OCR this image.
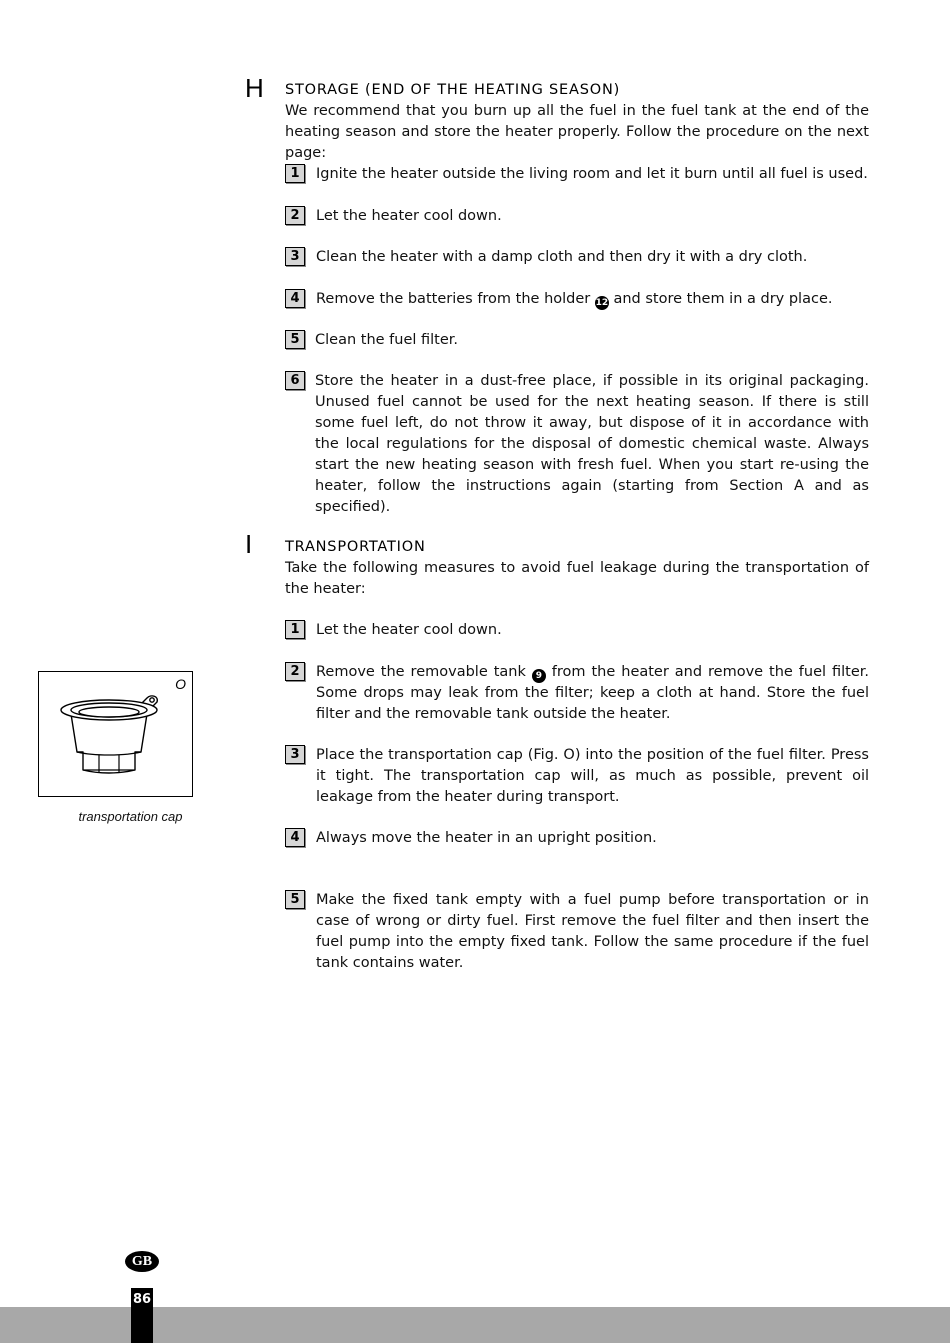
H STORAGE (END OF THE HEATING SEASON)
We recommend that you burn up all the fuel in the fuel tank at the end of the heating season and store the heater properly. Follow the procedure on the next page:
1	Ignite the heater outside the living room and let it burn until all fuel is used.
2	Let the heater cool down.
3	Clean the heater with a damp cloth and then dry it with a dry cloth.
4	Remove the batteries from the holder 12 and store them in a dry place.
5	Clean the fuel filter.
6	Store the heater in a dust-free place, if possible in its original packaging. Unused fuel cannot be used for the next heating season. If there is still some fuel left, do not throw it away, but dispose of it in accordance with the local regulations for the disposal of domestic chemical waste. Always start the new heating season with fresh fuel. When you start re-using the heater, follow the instructions again (starting from Section A and as specified).
I TRANSPORTATION
Take the following measures to avoid fuel leakage during the transportation of the heater:
1	Let the heater cool down.
2	Remove the removable tank 9 from the heater and remove the fuel filter. Some drops may leak from the filter; keep a cloth at hand. Store the fuel filter and the removable tank outside the heater.
3	Place the transportation cap (Fig. O) into the position of the fuel filter. Press it tight. The transportation cap will, as much as possible, prevent oil leakage from the heater during transport.
4	Always move the heater in an upright position.
5	Make the fixed tank empty with a fuel pump before transportation or in case of wrong or dirty fuel. First remove the fuel filter and then insert the fuel pump into the empty fixed tank. Follow the same procedure if the fuel tank contains water.
O
transportation cap
GB
86
